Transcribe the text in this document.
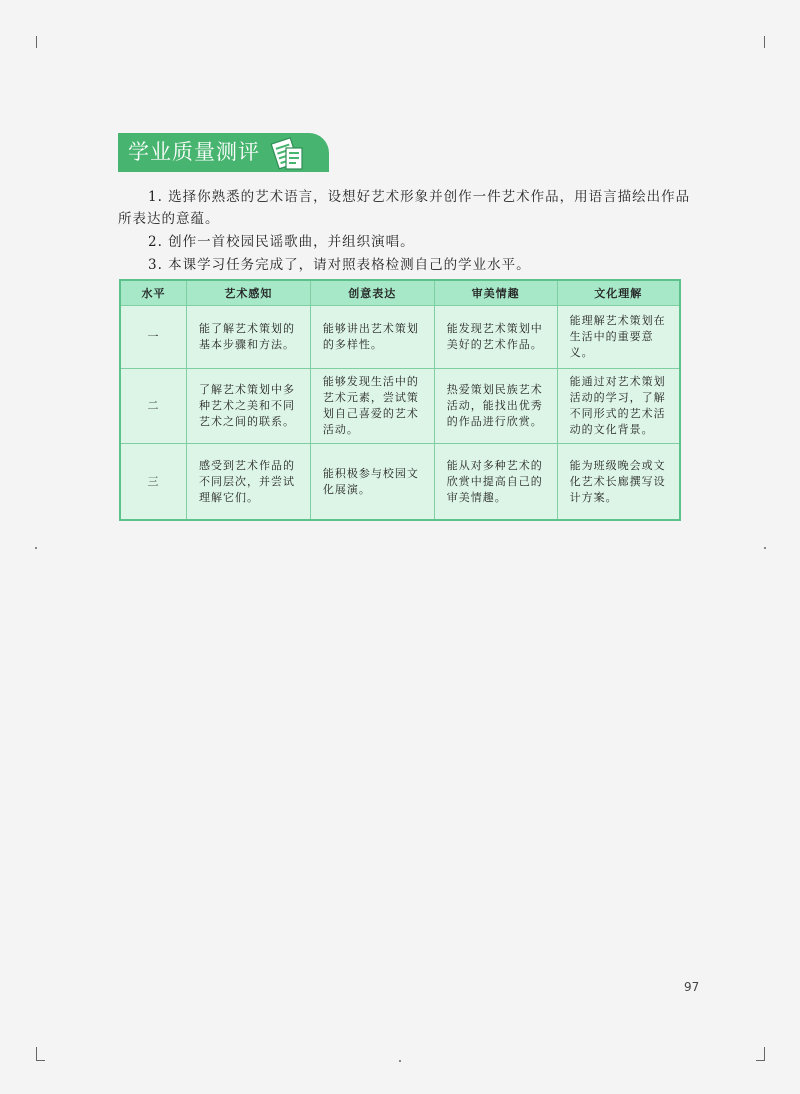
学业质量测评
1. 选择你熟悉的艺术语言，设想好艺术形象并创作一件艺术作品，用语言描绘出作品
所表达的意蕴。
2. 创作一首校园民谣歌曲，并组织演唱。
3. 本课学习任务完成了，请对照表格检测自己的学业水平。
水平	艺术感知	创意表达	审美情趣	文化理解
一	能了解艺术策划的基本步骤和方法。	能够讲出艺术策划的多样性。	能发现艺术策划中美好的艺术作品。	能理解艺术策划在生活中的重要意义。

二	了解艺术策划中多种艺术之美和不同艺术之间的联系。	能够发现生活中的艺术元素，尝试策划自己喜爱的艺术活动。	热爱策划民族艺术活动，能找出优秀的作品进行欣赏。	能通过对艺术策划活动的学习，了解不同形式的艺术活动的文化背景。

三	感受到艺术作品的不同层次，并尝试理解它们。	能积极参与校园文化展演。	能从对多种艺术的欣赏中提高自己的审美情趣。	能为班级晚会或文化艺术长廊撰写设计方案。
97
